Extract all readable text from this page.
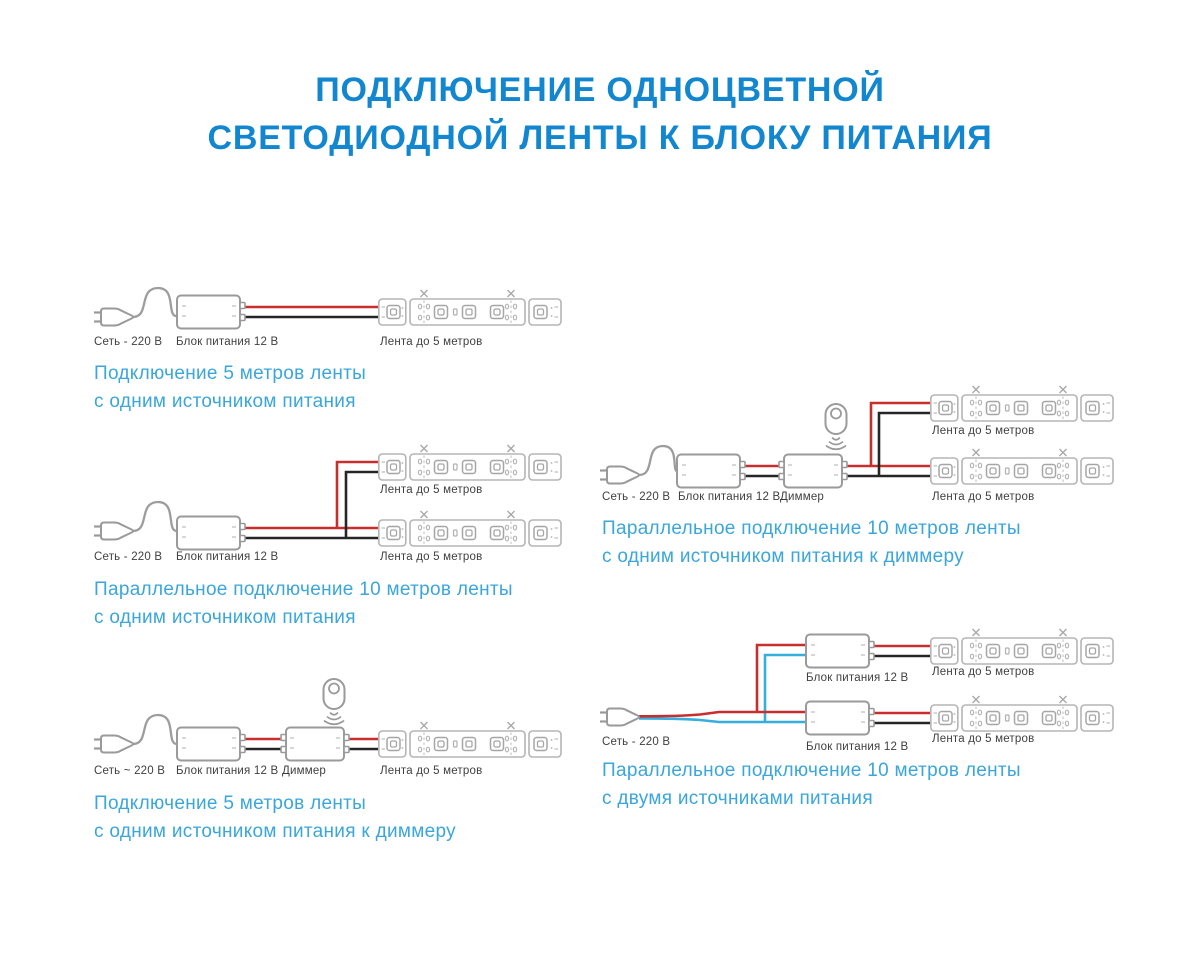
ПОДКЛЮЧЕНИЕ ОДНОЦВЕТНОЙ
СВЕТОДИОДНОЙ ЛЕНТЫ К БЛОКУ ПИТАНИЯ
Сеть - 220 В Блок питания 12 В	Лента до 5 метров
Подключение 5 метров ленты
с одним источником питания
Лента до 5 метров
Сеть - 220 В Блок питания 12 В	Лента до 5 метров
Параллельное подключение 10 метров ленты
с одним источником питания
Сеть ~ 220 В Блок питания 12 В Диммер	Лента до 5 метров
Подключение 5 метров ленты
с одним источником питания к диммеру
Лента до 5 метров
Сеть - 220 В Блок питания 12 В Диммер	Лента до 5 метров
Параллельное подключение 10 метров ленты
с одним источником питания к диммеру
Лента до 5 метров
Блок питания 12 В
Сеть - 220 В	Лента до 5 метров
Блок питания 12 В
Параллельное подключение 10 метров ленты
с двумя источниками питания
